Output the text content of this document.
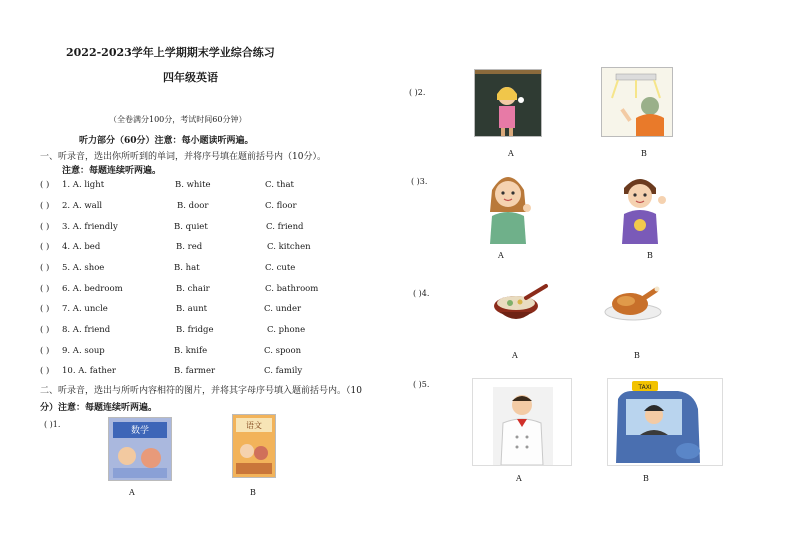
2022-2023学年上学期期末学业综合练习
四年级英语
（全卷满分100分，考试时间60分钟）
听力部分（60分）注意：每小题读听两遍。
一、听录音，选出你所听到的单词，并将序号填在题前括号内（10分）。
注意：每题连续听两遍。
( ) 1. A. light	B. white	C. that
( ) 2. A. wall	B. door	C. floor
( ) 3. A. friendly	B. quiet	C. friend
( ) 4. A. bed	B. red	C. kitchen
( ) 5. A. shoe	B. hat	C. cute
( ) 6. A. bedroom	B. chair	C. bathroom
( ) 7. A. uncle	B. aunt	C. under
( ) 8. A. friend	B. fridge	C. phone
( ) 9. A. soup	B. knife	C. spoon
( ) 10. A. father	B. farmer	C. family
二、听录音，选出与所听内容相符的图片，并将其字母序号填入题前括号内。（10
分）注意：每题连续听两遍。
( )1.
数学
A
语文
B
( )2.
A	B
( )3.
A	B
( )4.
A	B
( )5.
A
TAXI
B
